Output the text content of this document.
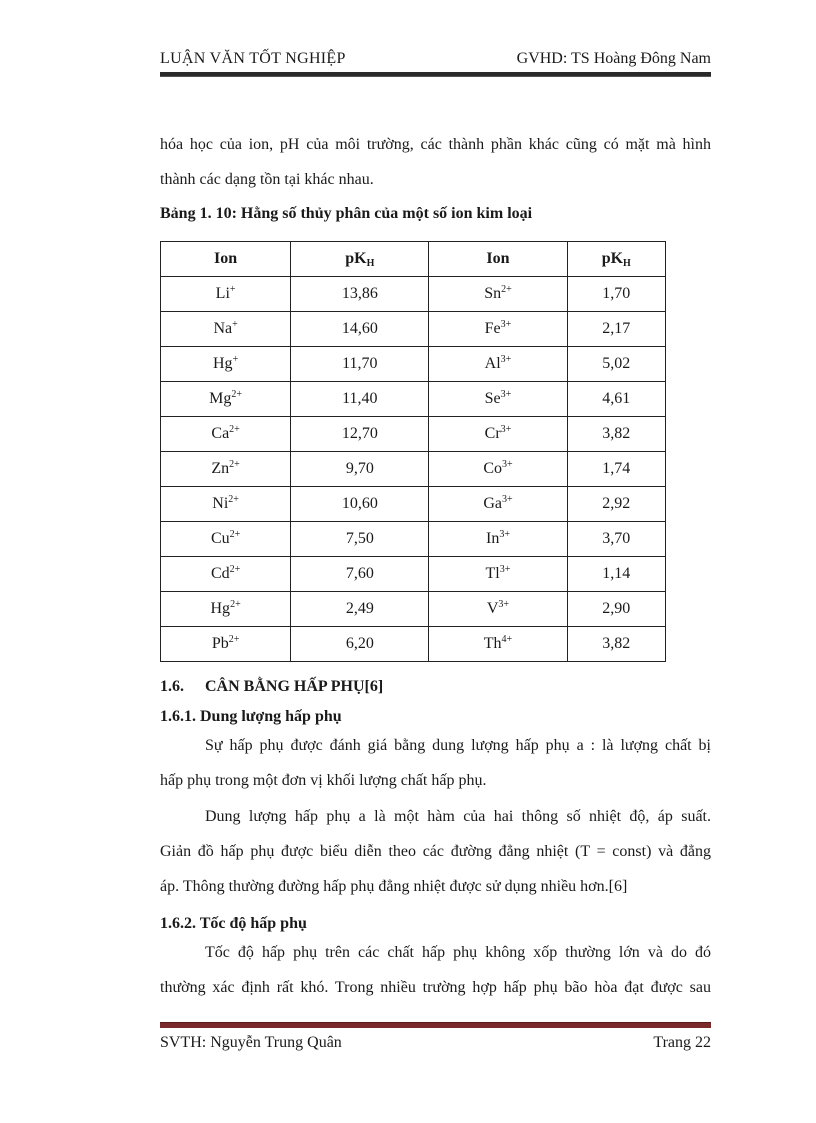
LUẬN VĂN TỐT NGHIỆP	GVHD: TS Hoàng Đông Nam
hóa học của ion, pH của môi trường, các thành phần khác cũng có mặt mà hình
thành các dạng tồn tại khác nhau.
Bảng 1. 10: Hằng số thủy phân của một số ion kim loại
Ion	$pK_H$	Ion	$pK_H$
Li+	13,86	$Sn^{2+}$	1,70
Na+	14,60	$Fe^{3+}$	2,17
Hg+	11,70	$Al^{3+}$	5,02
$Mg^{2+}$	11,40	$Se^{3+}$	4,61
$Ca^{2+}$	12,70	$Cr^{3+}$	3,82
$Zn^{2+}$	9,70	$Co^{3+}$	1,74
$Ni^{2+}$	10,60	$Ga^{3+}$	2,92
$Cu^{2+}$	7,50	$In^{3+}$	3,70
$Cd^{2+}$	7,60	$Tl^{3+}$	1,14
$Hg^{2+}$	2,49	$V^{3+}$	2,90
$Pb^{2+}$	6,20	$Th^{4+}$	3,82
1.6. CÂN BẰNG HẤP PHỤ[6]
1.6.1. Dung lượng hấp phụ
Sự hấp phụ được đánh giá bằng dung lượng hấp phụ a : là lượng chất bị
hấp phụ trong một đơn vị khối lượng chất hấp phụ.
Dung lượng hấp phụ a là một hàm của hai thông số nhiệt độ, áp suất.
Giản đồ hấp phụ được biểu diễn theo các đường đẳng nhiệt (T = const) và đẳng
áp. Thông thường đường hấp phụ đẳng nhiệt được sử dụng nhiều hơn.[6]
1.6.2. Tốc độ hấp phụ
Tốc độ hấp phụ trên các chất hấp phụ không xốp thường lớn và do đó
thường xác định rất khó. Trong nhiều trường hợp hấp phụ bão hòa đạt được sau
SVTH: Nguyễn Trung Quân	Trang 22
